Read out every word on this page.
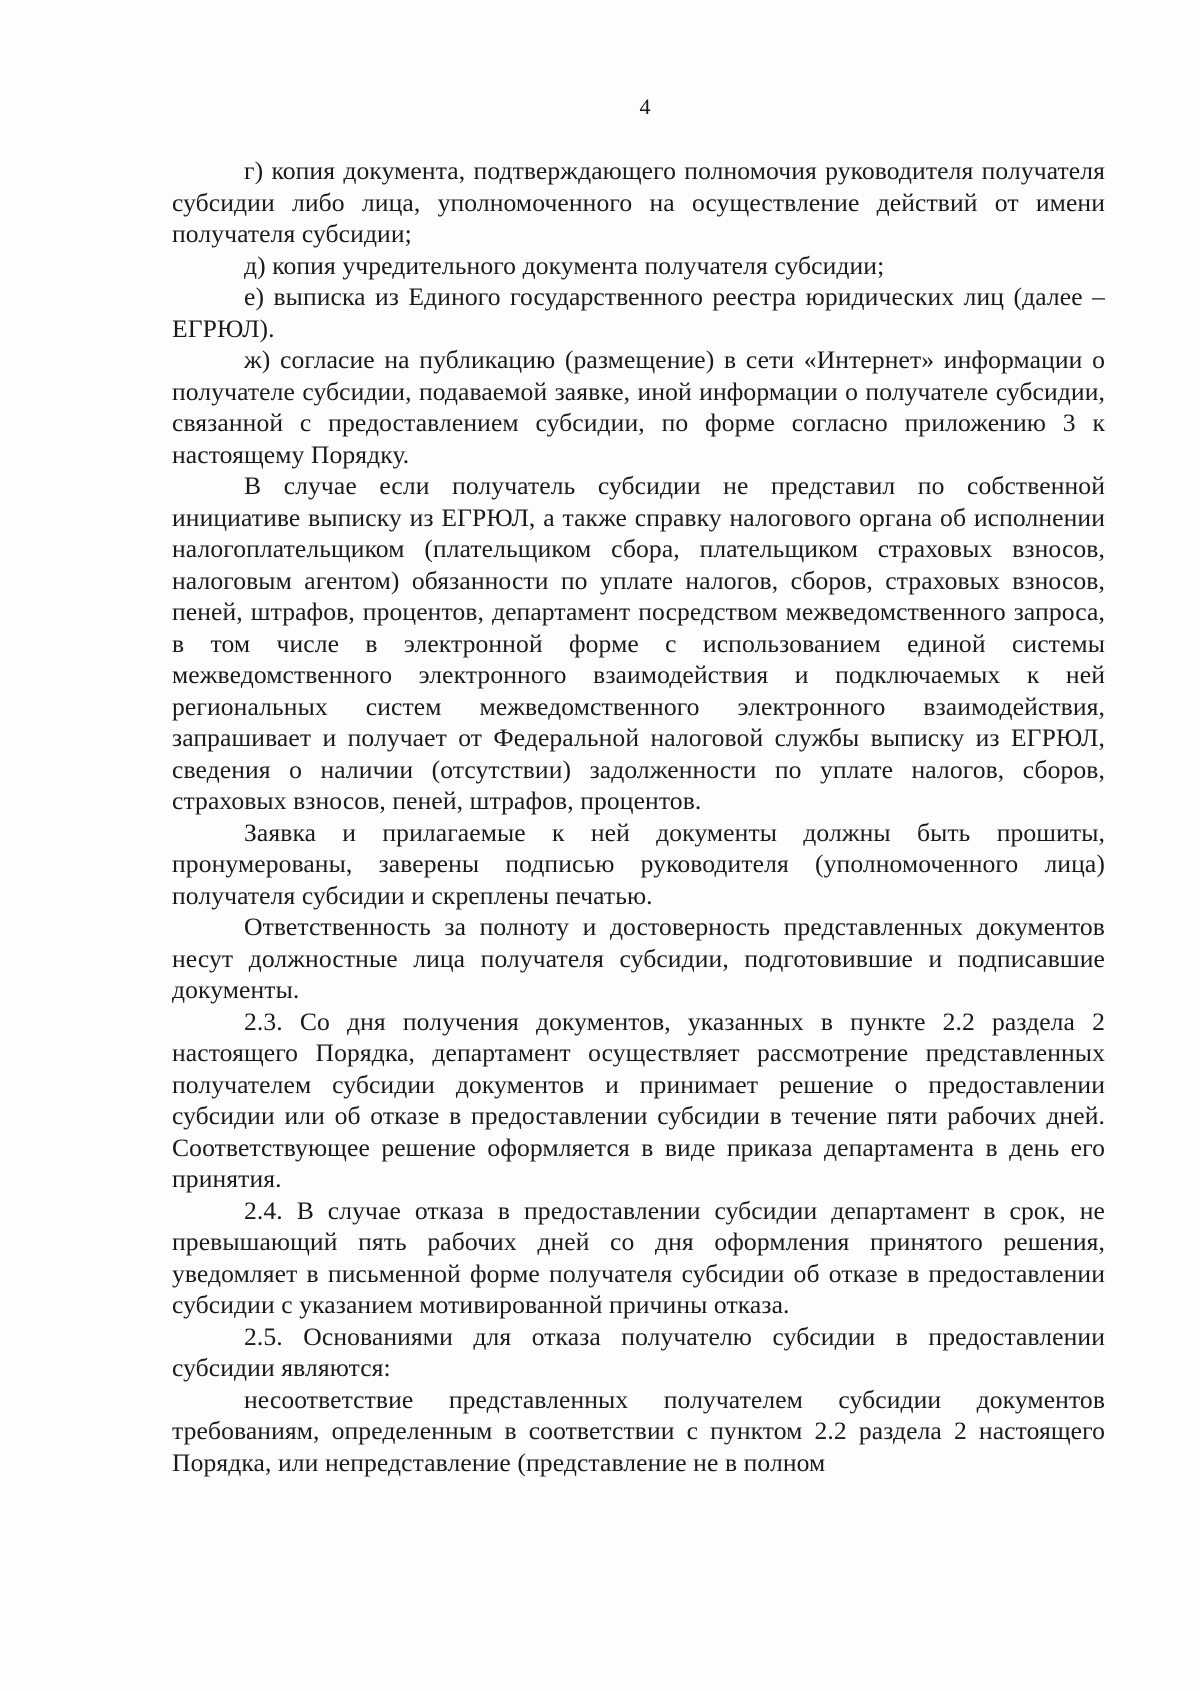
4

г) копия документа, подтверждающего полномочия руководителя получателя субсидии либо лица, уполномоченного на осуществление действий от имени получателя субсидии;

д) копия учредительного документа получателя субсидии;

е) выписка из Единого государственного реестра юридических лиц (далее – ЕГРЮЛ).

ж) согласие на публикацию (размещение) в сети «Интернет» информации о получателе субсидии, подаваемой заявке, иной информации о получателе субсидии, связанной с предоставлением субсидии, по форме согласно приложению 3 к настоящему Порядку.

В случае если получатель субсидии не представил по собственной инициативе выписку из ЕГРЮЛ, а также справку налогового органа об исполнении налогоплательщиком (плательщиком сбора, плательщиком страховых взносов, налоговым агентом) обязанности по уплате налогов, сборов, страховых взносов, пеней, штрафов, процентов, департамент посредством межведомственного запроса, в том числе в электронной форме с использованием единой системы межведомственного электронного взаимодействия и подключаемых к ней региональных систем межведомственного электронного взаимодействия, запрашивает и получает от Федеральной налоговой службы выписку из ЕГРЮЛ, сведения о наличии (отсутствии) задолженности по уплате налогов, сборов, страховых взносов, пеней, штрафов, процентов.

Заявка и прилагаемые к ней документы должны быть прошиты, пронумерованы, заверены подписью руководителя (уполномоченного лица) получателя субсидии и скреплены печатью.

Ответственность за полноту и достоверность представленных документов несут должностные лица получателя субсидии, подготовившие и подписавшие документы.

2.3. Со дня получения документов, указанных в пункте 2.2 раздела 2 настоящего Порядка, департамент осуществляет рассмотрение представленных получателем субсидии документов и принимает решение о предоставлении субсидии или об отказе в предоставлении субсидии в течение пяти рабочих дней. Соответствующее решение оформляется в виде приказа департамента в день его принятия.

2.4. В случае отказа в предоставлении субсидии департамент в срок, не превышающий пять рабочих дней со дня оформления принятого решения, уведомляет в письменной форме получателя субсидии об отказе в предоставлении субсидии с указанием мотивированной причины отказа.

2.5. Основаниями для отказа получателю субсидии в предоставлении субсидии являются:

несоответствие представленных получателем субсидии документов требованиям, определенным в соответствии с пунктом 2.2 раздела 2 настоящего Порядка, или непредставление (представление не в полном
